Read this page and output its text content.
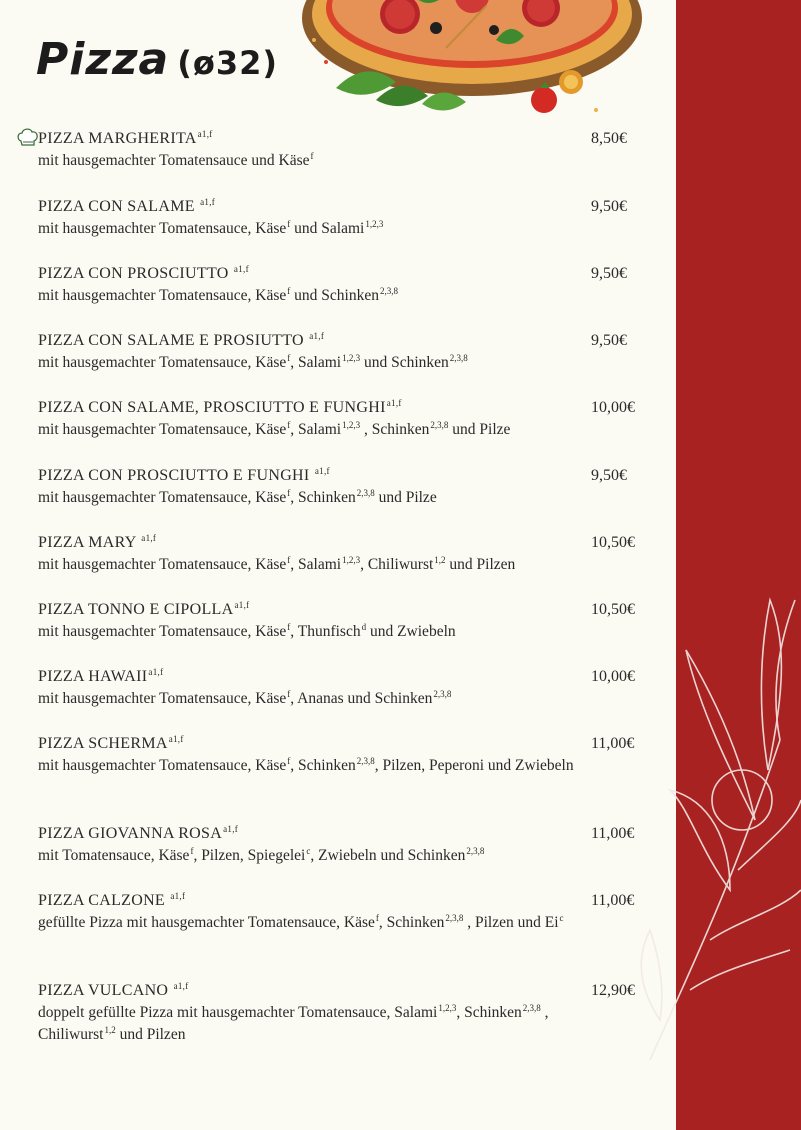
Pizza (ø32)
PIZZA $MARGHERITA^{a1,f}$	8,50€
mit hausgemachter Tomatensauce und Käse$^f$
PIZZA CON SALAME $^{a1,f}$	9,50€
mit hausgemachter Tomatensauce, Käse$^f$ und Salami$^{1,2,3}$
PIZZA CON PROSCIUTTO $^{a1,f}$	9,50€
mit hausgemachter Tomatensauce, Käse$^f$ und Schinken$^{2,3,8}$
PIZZA CON SALAME E PROSIUTTO $^{a1,f}$	9,50€
mit hausgemachter Tomatensauce, Käse$^f$, Salami$^{1,2,3}$ und Schinken$^{2,3,8}$
PIZZA CON SALAME, PROSCIUTTO E $FUNGHI^{a1,f}$	10,00€
mit hausgemachter Tomatensauce, Käse$^f$, Salami$^{1,2,3}$ , Schinken$^{2,3,8}$ und Pilze
PIZZA CON PROSCIUTTO E FUNGHI $^{a1,f}$	9,50€
mit hausgemachter Tomatensauce, Käse$^f$, Schinken$^{2,3,8}$ und Pilze
PIZZA MARY $^{a1,f}$	10,50€
mit hausgemachter Tomatensauce, Käse$^f$, Salami$^{1,2,3}$, Chiliwurst$^{1,2}$ und Pilzen
PIZZA TONNO E $CIPOLLA^{a1,f}$	10,50€
mit hausgemachter Tomatensauce, Käse$^f$, Thunfisch$^d$ und Zwiebeln
PIZZA $HAWAII^{a1,f}$	10,00€
mit hausgemachter Tomatensauce, Käse$^f$, Ananas und Schinken$^{2,3,8}$
PIZZA $SCHERMA^{a1,f}$	11,00€
mit hausgemachter Tomatensauce, Käse$^f$, Schinken$^{2,3,8}$, Pilzen, Peperoni und Zwiebeln
PIZZA GIOVANNA $ROSA^{a1,f}$	11,00€
mit Tomatensauce, Käse$^f$, Pilzen, Spiegelei$^c$, Zwiebeln und Schinken$^{2,3,8}$
PIZZA CALZONE $^{a1,f}$	11,00€
gefüllte Pizza mit hausgemachter Tomatensauce, Käse$^f$, Schinken$^{2,3,8}$ , Pilzen und Ei$^c$
PIZZA VULCANO $^{a1,f}$	12,90€
doppelt gefüllte Pizza mit hausgemachter Tomatensauce, Salami$^{1,2,3}$, Schinken$^{2,3,8}$ , Chiliwurst$^{1,2}$ und Pilzen
